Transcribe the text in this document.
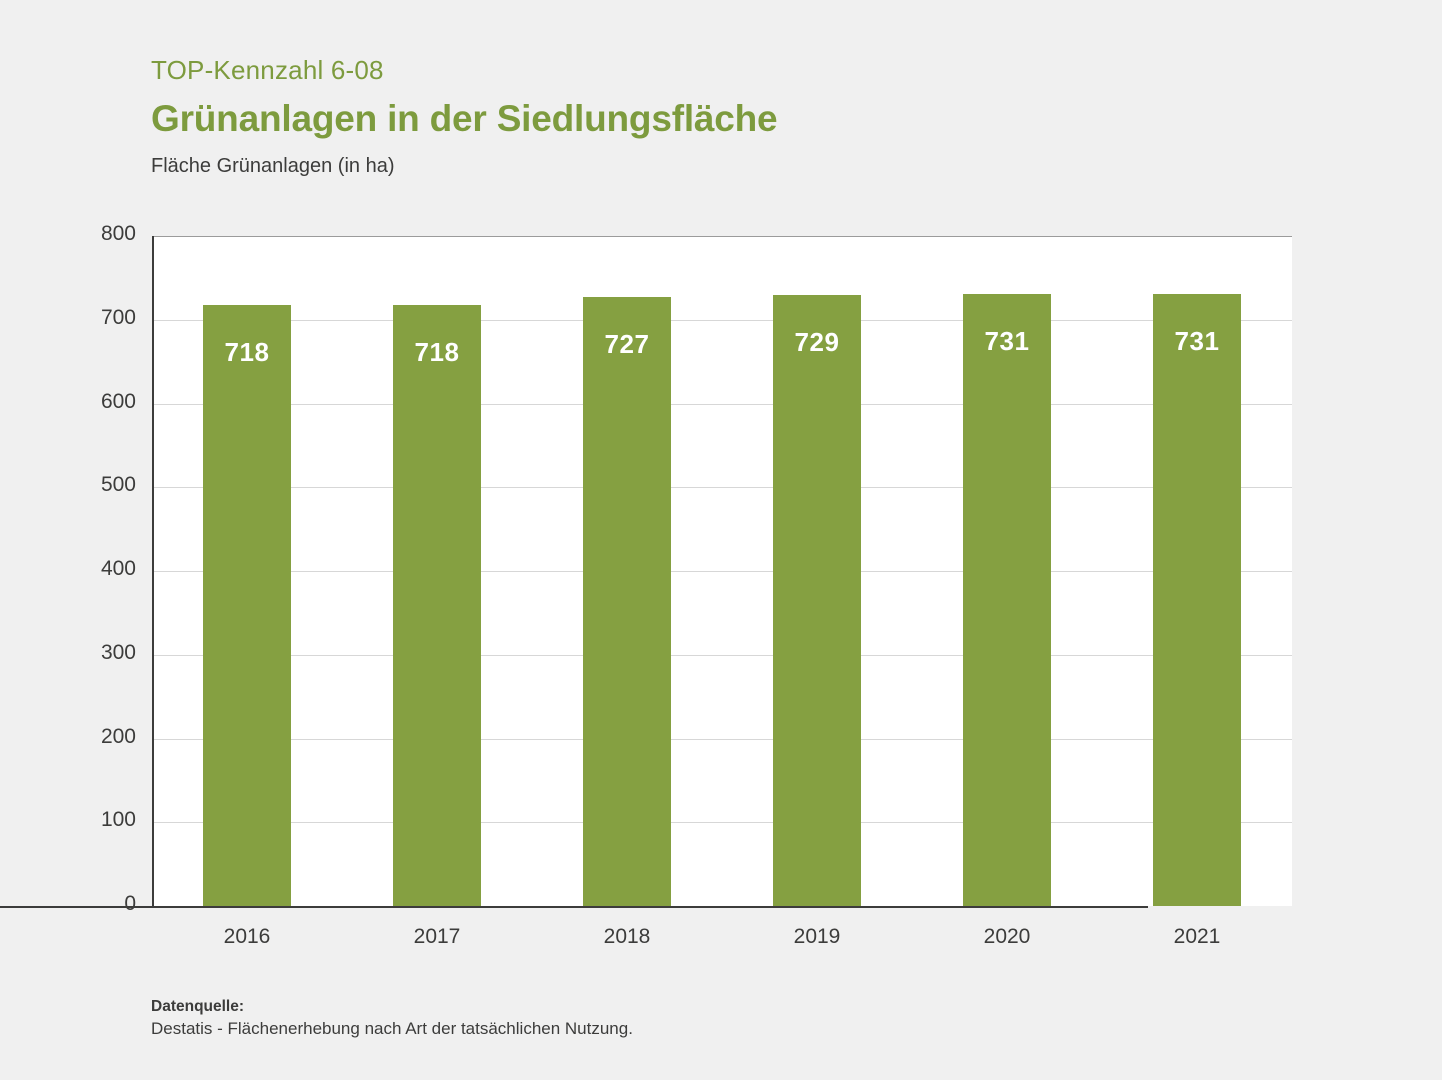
TOP-Kennzahl 6-08
Grünanlagen in der Siedlungsfläche
Fläche Grünanlagen (in ha)
718	718	727	729	731	731
800
700
600
500
400
300
200
100
0
2016	2017	2018	2019	2020	2021
Datenquelle:
Destatis - Flächenerhebung nach Art der tatsächlichen Nutzung.
